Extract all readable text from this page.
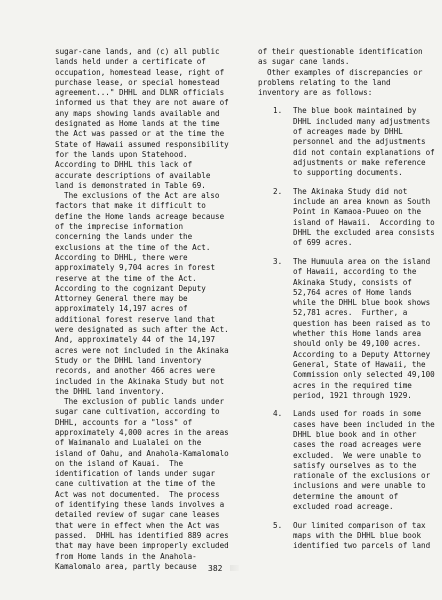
sugar-cane lands, and (c) all public
lands held under a certificate of
occupation, homestead lease, right of
purchase lease, or special homestead
agreement..." DHHL and DLNR officials
informed us that they are not aware of
any maps showing lands available and
designated as Home lands at the time
the Act was passed or at the time the
State of Hawaii assumed responsibility
for the lands upon Statehood.
According to DHHL this lack of
accurate descriptions of available
land is demonstrated in Table 69.
The exclusions of the Act are also
factors that make it difficult to
define the Home lands acreage because
of the imprecise information
concerning the lands under the
exclusions at the time of the Act.
According to DHHL, there were
approximately 9,704 acres in forest
reserve at the time of the Act.
According to the cognizant Deputy
Attorney General there may be
approximately 14,197 acres of
additional forest reserve land that
were designated as such after the Act.
And, approximately 44 of the 14,197
acres were not included in the Akinaka
Study or the DHHL land inventory
records, and another 466 acres were
included in the Akinaka Study but not
the DHHL land inventory.
The exclusion of public lands under
sugar cane cultivation, according to
DHHL, accounts for a "loss" of
approximately 4,000 acres in the areas
of Waimanalo and Lualalei on the
island of Oahu, and Anahola-Kamalomalo
on the island of Kauai.  The
identification of lands under sugar
cane cultivation at the time of the
Act was not documented.  The process
of identifying these lands involves a
detailed review of sugar cane leases
that were in effect when the Act was
passed.  DHHL has identified 889 acres
that may have been improperly excluded
from Home lands in the Anahola-
Kamalomalo area, partly because
of their questionable identification
as sugar cane lands.
Other examples of discrepancies or
problems relating to the land
inventory are as follows:
1. The blue book maintained by
DHHL included many adjustments
of acreages made by DHHL
personnel and the adjustments
did not contain explanations of
adjustments or make reference
to supporting documents.
2. The Akinaka Study did not
include an area known as South
Point in Kamaoa-Puueo on the
island of Hawaii.  According to
DHHL the excluded area consists
of 699 acres.
3. The Humuula area on the island
of Hawaii, according to the
Akinaka Study, consists of
52,764 acres of Home lands
while the DHHL blue book shows
52,781 acres.  Further, a
question has been raised as to
whether this Home lands area
should only be 49,100 acres.
According to a Deputy Attorney
General, State of Hawaii, the
Commission only selected 49,100
acres in the required time
period, 1921 through 1929.
4. Lands used for roads in some
cases have been included in the
DHHL blue book and in other
cases the road acreages were
excluded.  We were unable to
satisfy ourselves as to the
rationale of the exclusions or
inclusions and were unable to
determine the amount of
excluded road acreage.
5. Our limited comparison of tax
maps with the DHHL blue book
identified two parcels of land
382
